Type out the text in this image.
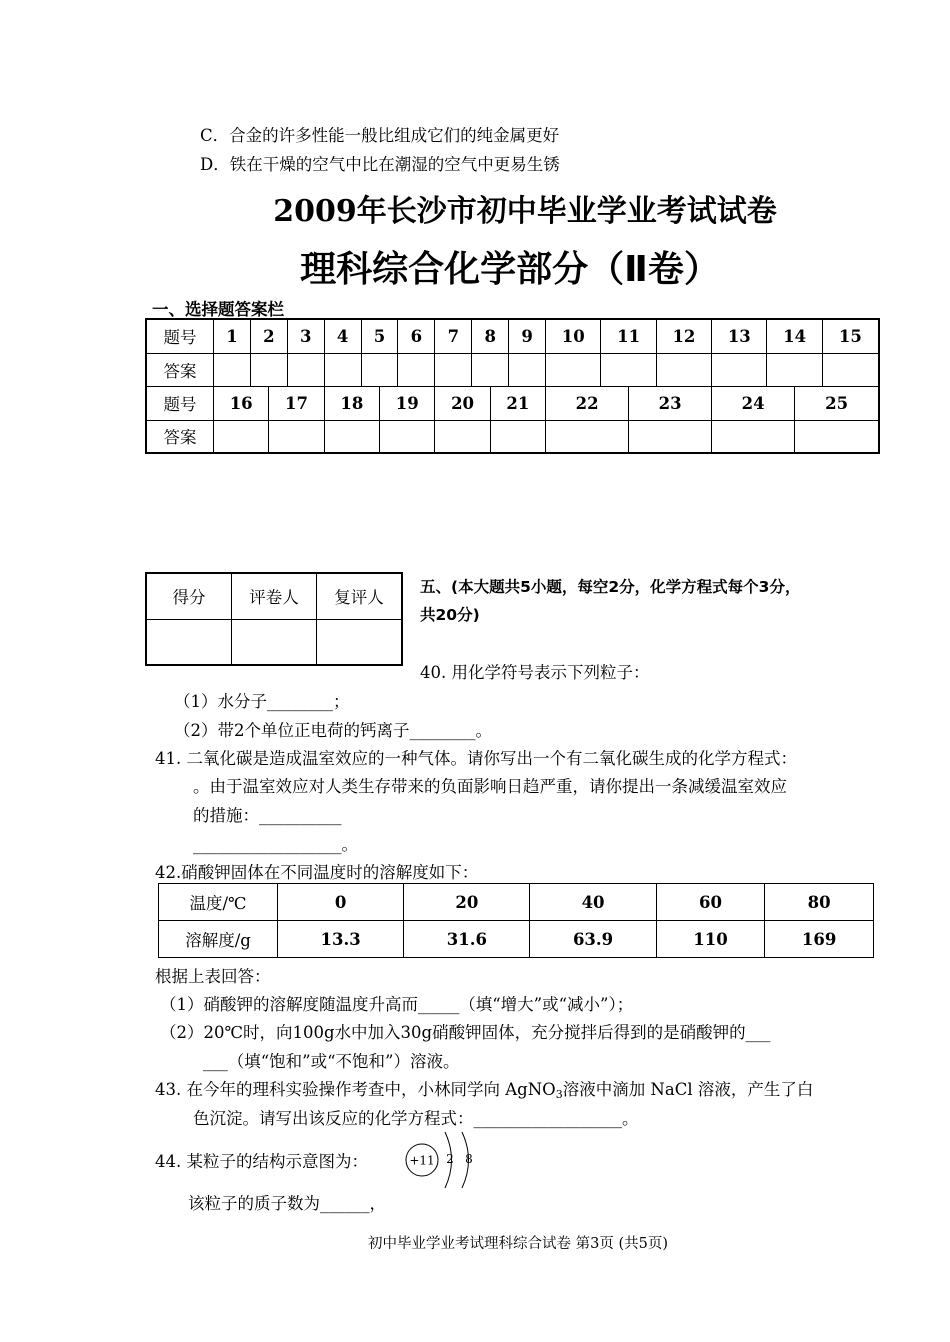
C．合金的许多性能一般比组成它们的纯金属更好
D．铁在干燥的空气中比在潮湿的空气中更易生锈
2009年长沙市初中毕业学业考试试卷
理科综合化学部分（Ⅱ卷）
一、选择题答案栏
题号	1	2		3	4	5		6	7	8		9	10	11		12	13	14		15
答案																				
题号	16		17		18		19		20		21		22		23		24		25	
答案																				
得分	评卷人	复评人

五、(本大题共5小题，每空2分，化学方程式每个3分，
共20分)
40. 用化学符号表示下列粒子：
（1）水分子________；
（2）带2个单位正电荷的钙离子________。
41. 二氧化碳是造成温室效应的一种气体。请你写出一个有二氧化碳生成的化学方程式：
。由于温室效应对人类生存带来的负面影响日趋严重，请你提出一条减缓温室效应
的措施：__________
__________________。
42.硝酸钾固体在不同温度时的溶解度如下：
温度/℃	0	20	40	60	80
溶解度/g	13.3	31.6	63.9	110	169
根据上表回答：
（1）硝酸钾的溶解度随温度升高而_____（填“增大”或“减小”）；
（2）20℃时，向100g水中加入30g硝酸钾固体，充分搅拌后得到的是硝酸钾的___
___（填“饱和”或“不饱和”）溶液。
43. 在今年的理科实验操作考查中，小林同学向 AgNO$_3$溶液中滴加 NaCl 溶液，产生了白
色沉淀。请写出该反应的化学方程式：__________________。
44. 某粒子的结构示意图为：	+11 2 8
该粒子的质子数为______，
初中毕业学业考试理科综合试卷 第3页 (共5页)
